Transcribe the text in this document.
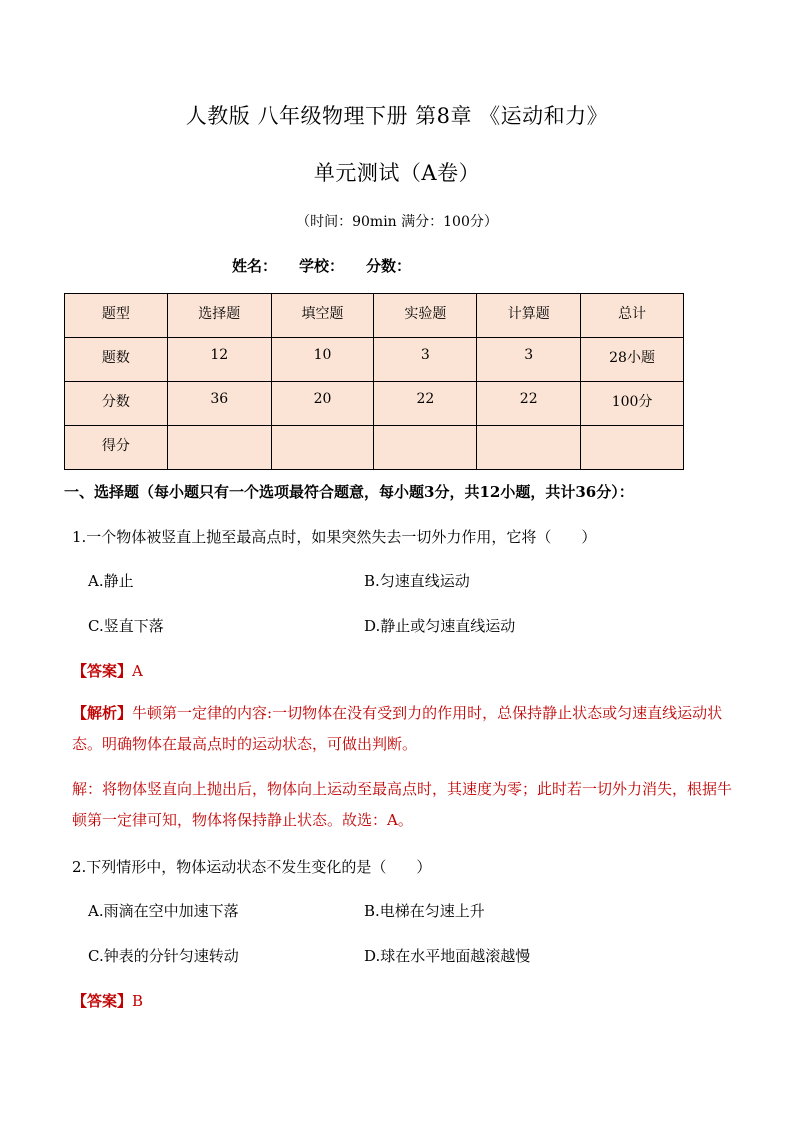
人教版 八年级物理下册 第8章 《运动和力》
单元测试（A卷）
（时间：90min 满分：100分）
姓名： 学校： 分数：
题型	选择题	填空题	实验题	计算题	总计
题数	12	10	3	3	28小题
分数	36	20	22	22	100分
得分					
一、选择题（每小题只有一个选项最符合题意，每小题3分，共12小题，共计36分）：
1.一个物体被竖直上抛至最高点时，如果突然失去一切外力作用，它将（　　）
A.静止	B.匀速直线运动
C.竖直下落	D.静止或匀速直线运动
【答案】A
【解析】牛顿第一定律的内容:一切物体在没有受到力的作用时，总保持静止状态或匀速直线运动状态。明确物体在最高点时的运动状态，可做出判断。
解：将物体竖直向上抛出后，物体向上运动至最高点时，其速度为零；此时若一切外力消失，根据牛顿第一定律可知，物体将保持静止状态。故选：A。
2.下列情形中，物体运动状态不发生变化的是（　　）
A.雨滴在空中加速下落	B.电梯在匀速上升
C.钟表的分针匀速转动	D.球在水平地面越滚越慢
【答案】B
